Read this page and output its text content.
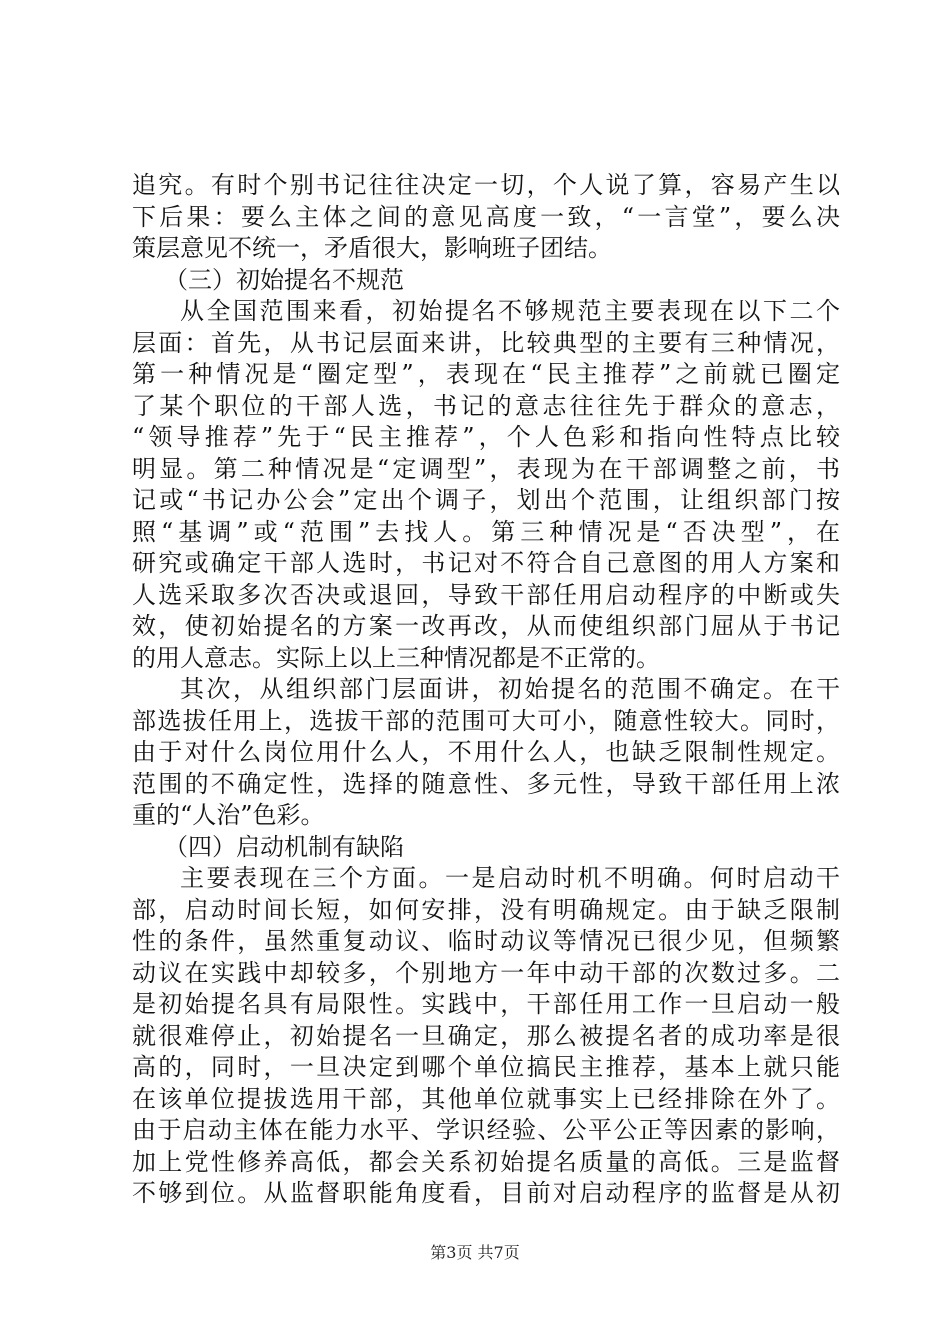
追究。有时个别书记往往决定一切，个人说了算，容易产生以
下后果：要么主体之间的意见高度一致，“一言堂”，要么决
策层意见不统一，矛盾很大，影响班子团结。
（三）初始提名不规范
从全国范围来看，初始提名不够规范主要表现在以下二个
层面：首先，从书记层面来讲，比较典型的主要有三种情况，
第一种情况是“圈定型”，表现在“民主推荐”之前就已圈定
了某个职位的干部人选，书记的意志往往先于群众的意志，
“领导推荐”先于“民主推荐”，个人色彩和指向性特点比较
明显。第二种情况是“定调型”，表现为在干部调整之前，书
记或“书记办公会”定出个调子，划出个范围，让组织部门按
照“基调”或“范围”去找人。第三种情况是“否决型”，在
研究或确定干部人选时，书记对不符合自己意图的用人方案和
人选采取多次否决或退回，导致干部任用启动程序的中断或失
效，使初始提名的方案一改再改，从而使组织部门屈从于书记
的用人意志。实际上以上三种情况都是不正常的。
其次，从组织部门层面讲，初始提名的范围不确定。在干
部选拔任用上，选拔干部的范围可大可小，随意性较大。同时，
由于对什么岗位用什么人，不用什么人，也缺乏限制性规定。
范围的不确定性，选择的随意性、多元性，导致干部任用上浓
重的“人治”色彩。
（四）启动机制有缺陷
主要表现在三个方面。一是启动时机不明确。何时启动干
部，启动时间长短，如何安排，没有明确规定。由于缺乏限制
性的条件，虽然重复动议、临时动议等情况已很少见，但频繁
动议在实践中却较多，个别地方一年中动干部的次数过多。二
是初始提名具有局限性。实践中，干部任用工作一旦启动一般
就很难停止，初始提名一旦确定，那么被提名者的成功率是很
高的，同时，一旦决定到哪个单位搞民主推荐，基本上就只能
在该单位提拔选用干部，其他单位就事实上已经排除在外了。
由于启动主体在能力水平、学识经验、公平公正等因素的影响，
加上党性修养高低，都会关系初始提名质量的高低。三是监督
不够到位。从监督职能角度看，目前对启动程序的监督是从初
第3页 共7页
